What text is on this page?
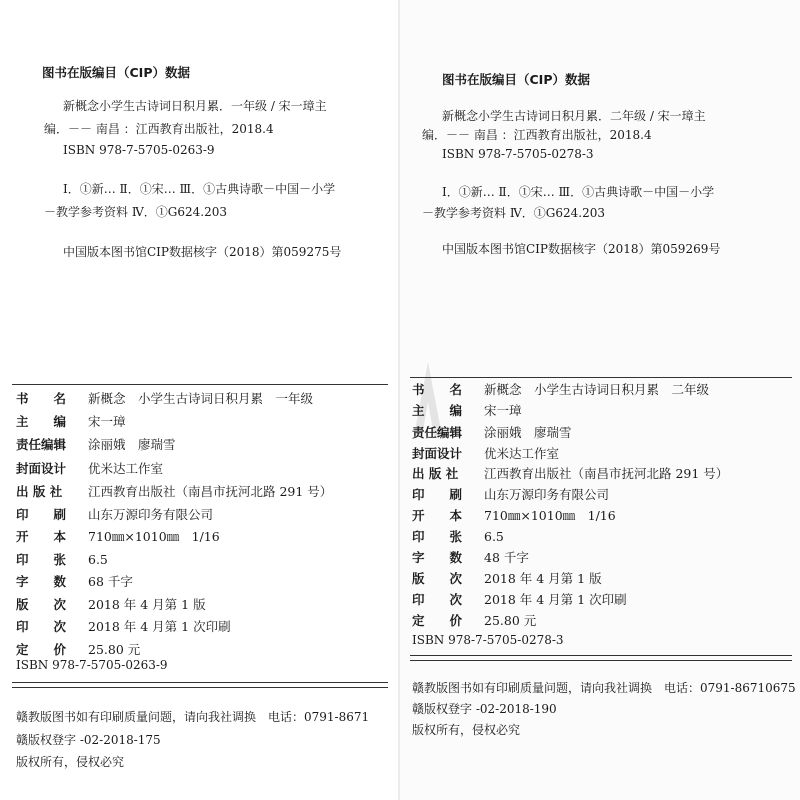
图书在版编目（CIP）数据
新概念小学生古诗词日积月累．一年级 / 宋一璋主
编．－－ 南昌 ：江西教育出版社，2018.4
ISBN 978-7-5705-0263-9
Ⅰ．①新… Ⅱ．①宋… Ⅲ．①古典诗歌－中国－小学
－教学参考资料 Ⅳ．①G624.203
中国版本图书馆CIP数据核字（2018）第059275号
书　　名 新概念　小学生古诗词日积月累　一年级
主　　编 宋一璋
责任编辑 涂丽娥　廖瑞雪
封面设计 优米达工作室
出 版 社 江西教育出版社（南昌市抚河北路 291 号）
印　　刷 山东万源印务有限公司
开　　本 710㎜×1010㎜　1/16
印　　张 6.5
字　　数 68 千字
版　　次 2018 年 4 月第 1 版
印　　次 2018 年 4 月第 1 次印刷
定　　价 25.80 元
ISBN 978-7-5705-0263-9
赣教版图书如有印刷质量问题，请向我社调换　电话：0791-8671
赣版权登字 -02-2018-175
版权所有，侵权必究
图书在版编目（CIP）数据
新概念小学生古诗词日积月累．二年级 / 宋一璋主
编．－－ 南昌 ：江西教育出版社，2018.4
ISBN 978-7-5705-0278-3
Ⅰ．①新… Ⅱ．①宋… Ⅲ．①古典诗歌－中国－小学
－教学参考资料 Ⅳ．①G624.203
中国版本图书馆CIP数据核字（2018）第059269号
书　　名 新概念　小学生古诗词日积月累　二年级
主　　编 宋一璋
责任编辑 涂丽娥　廖瑞雪
封面设计 优米达工作室
出 版 社 江西教育出版社（南昌市抚河北路 291 号）
印　　刷 山东万源印务有限公司
开　　本 710㎜×1010㎜　1/16
印　　张 6.5
字　　数 48 千字
版　　次 2018 年 4 月第 1 版
印　　次 2018 年 4 月第 1 次印刷
定　　价 25.80 元
ISBN 978-7-5705-0278-3
赣教版图书如有印刷质量问题，请向我社调换　电话：0791-86710675
赣版权登字 -02-2018-190
版权所有，侵权必究
